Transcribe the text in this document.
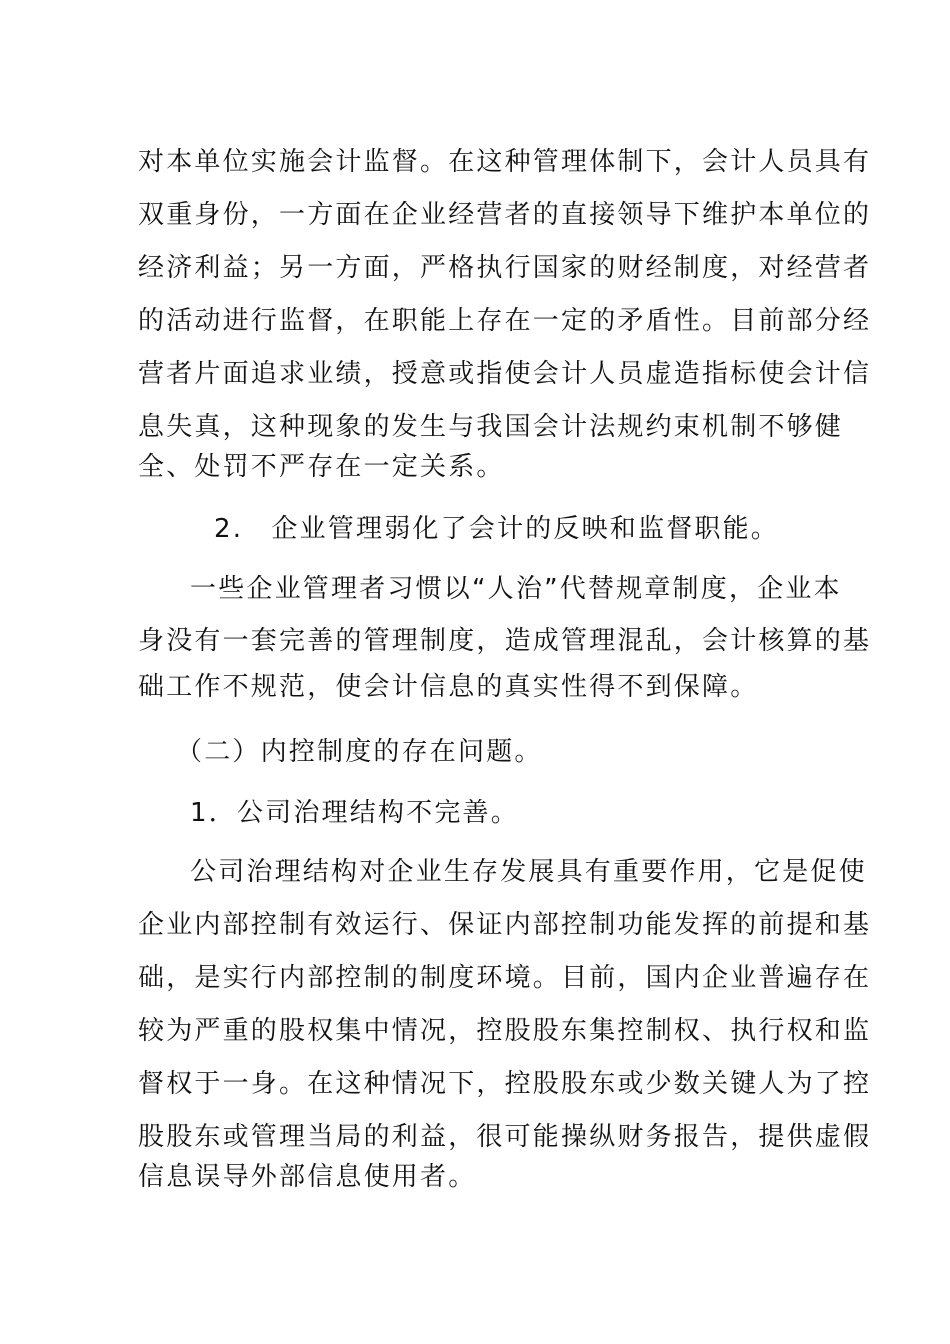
对本单位实施会计监督。在这种管理体制下，会计人员具有
双重身份，一方面在企业经营者的直接领导下维护本单位的
经济利益；另一方面，严格执行国家的财经制度，对经营者
的活动进行监督，在职能上存在一定的矛盾性。目前部分经
营者片面追求业绩，授意或指使会计人员虚造指标使会计信
息失真，这种现象的发生与我国会计法规约束机制不够健
全、处罚不严存在一定关系。
2.　企业管理弱化了会计的反映和监督职能。
一些企业管理者习惯以“人治”代替规章制度，企业本
身没有一套完善的管理制度，造成管理混乱，会计核算的基
础工作不规范，使会计信息的真实性得不到保障。
（二）内控制度的存在问题。
1．公司治理结构不完善。
公司治理结构对企业生存发展具有重要作用，它是促使
企业内部控制有效运行、保证内部控制功能发挥的前提和基
础，是实行内部控制的制度环境。目前，国内企业普遍存在
较为严重的股权集中情况，控股股东集控制权、执行权和监
督权于一身。在这种情况下，控股股东或少数关键人为了控
股股东或管理当局的利益，很可能操纵财务报告，提供虚假
信息误导外部信息使用者。
